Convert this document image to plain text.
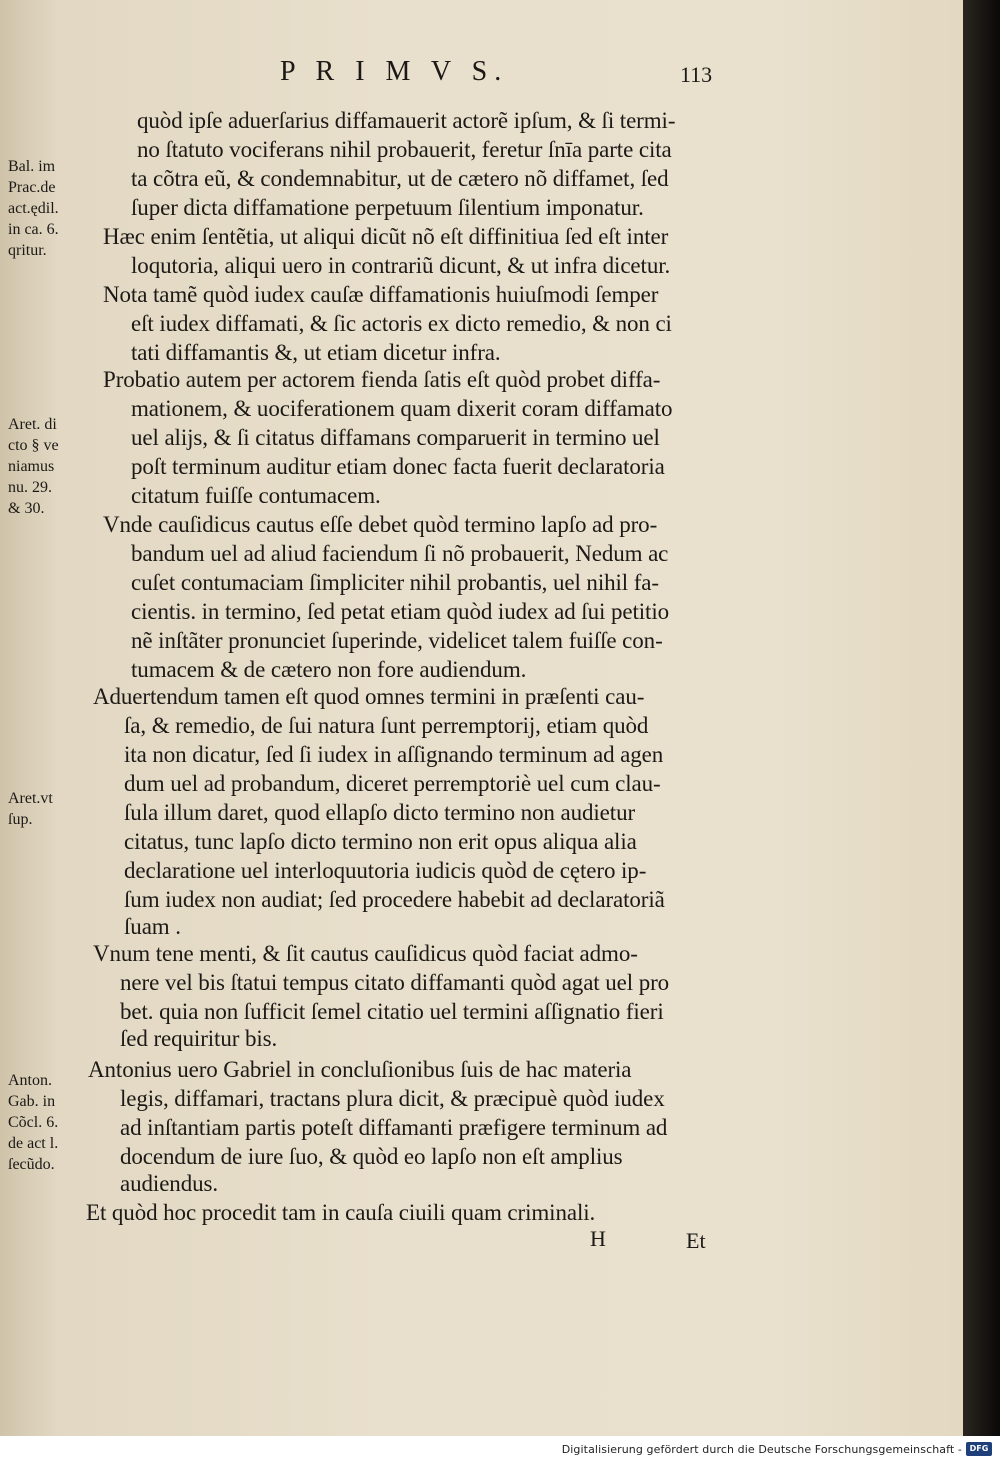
P R I M V S.	113
quòd ipſe aduerſarius diffamauerit actorẽ ipſum, & ſi termi-
no ſtatuto vociferans nihil probauerit, feretur ſnīa parte cita
ta cõtra eũ, & condemnabitur, ut de cætero nõ diffamet, ſed
ſuper dicta diffamatione perpetuum ſilentium imponatur.
Hæc enim ſentẽtia, ut aliqui dicũt nõ eſt diffinitiua ſed eſt inter
loqutoria, aliqui uero in contrariũ dicunt, & ut infra dicetur.
Nota tamẽ quòd iudex cauſæ diffamationis huiuſmodi ſemper
eſt iudex diffamati, & ſic actoris ex dicto remedio, & non ci
tati diffamantis &, ut etiam dicetur infra.
Probatio autem per actorem fienda ſatis eſt quòd probet diffa-
mationem, & uociferationem quam dixerit coram diffamato
uel alijs, & ſi citatus diffamans comparuerit in termino uel
poſt terminum auditur etiam donec facta fuerit declaratoria
citatum fuiſſe contumacem.
Vnde cauſidicus cautus eſſe debet quòd termino lapſo ad pro-
bandum uel ad aliud faciendum ſi nõ probauerit, Nedum ac
cuſet contumaciam ſimpliciter nihil probantis, uel nihil fa-
cientis. in termino, ſed petat etiam quòd iudex ad ſui petitio
nẽ inſtãter pronunciet ſuperinde, videlicet talem fuiſſe con-
tumacem & de cætero non fore audiendum.
Aduertendum tamen eſt quod omnes termini in præſenti cau-
ſa, & remedio, de ſui natura ſunt perremptorij, etiam quòd
ita non dicatur, ſed ſi iudex in aſſignando terminum ad agen
dum uel ad probandum, diceret perremptoriè uel cum clau-
ſula illum daret, quod ellapſo dicto termino non audietur
citatus, tunc lapſo dicto termino non erit opus aliqua alia
declaratione uel interloquutoria iudicis quòd de cętero ip-
ſum iudex non audiat; ſed procedere habebit ad declaratoriã
ſuam .
Vnum tene menti, & ſit cautus cauſidicus quòd faciat admo-
nere vel bis ſtatui tempus citato diffamanti quòd agat uel pro
bet. quia non ſufficit ſemel citatio uel termini aſſignatio fieri
ſed requiritur bis.
Antonius uero Gabriel in concluſionibus ſuis de hac materia
legis, diffamari, tractans plura dicit, & præcipuè quòd iudex
ad inſtantiam partis poteſt diffamanti præfigere terminum ad
docendum de iure ſuo, & quòd eo lapſo non eſt amplius
audiendus.
Et quòd hoc procedit tam in cauſa ciuili quam criminali.
Bal. im
Prac.de
act.ędil.
in ca. 6.
qritur.
Aret. di
cto § ve
niamus
nu. 29.
& 30.
Aret.vt
ſup.
Anton.
Gab. in
Cõcl. 6.
de act l.
ſecũdo.
H	Et
Digitalisierung gefördert durch die Deutsche Forschungsgemeinschaft - DFG
